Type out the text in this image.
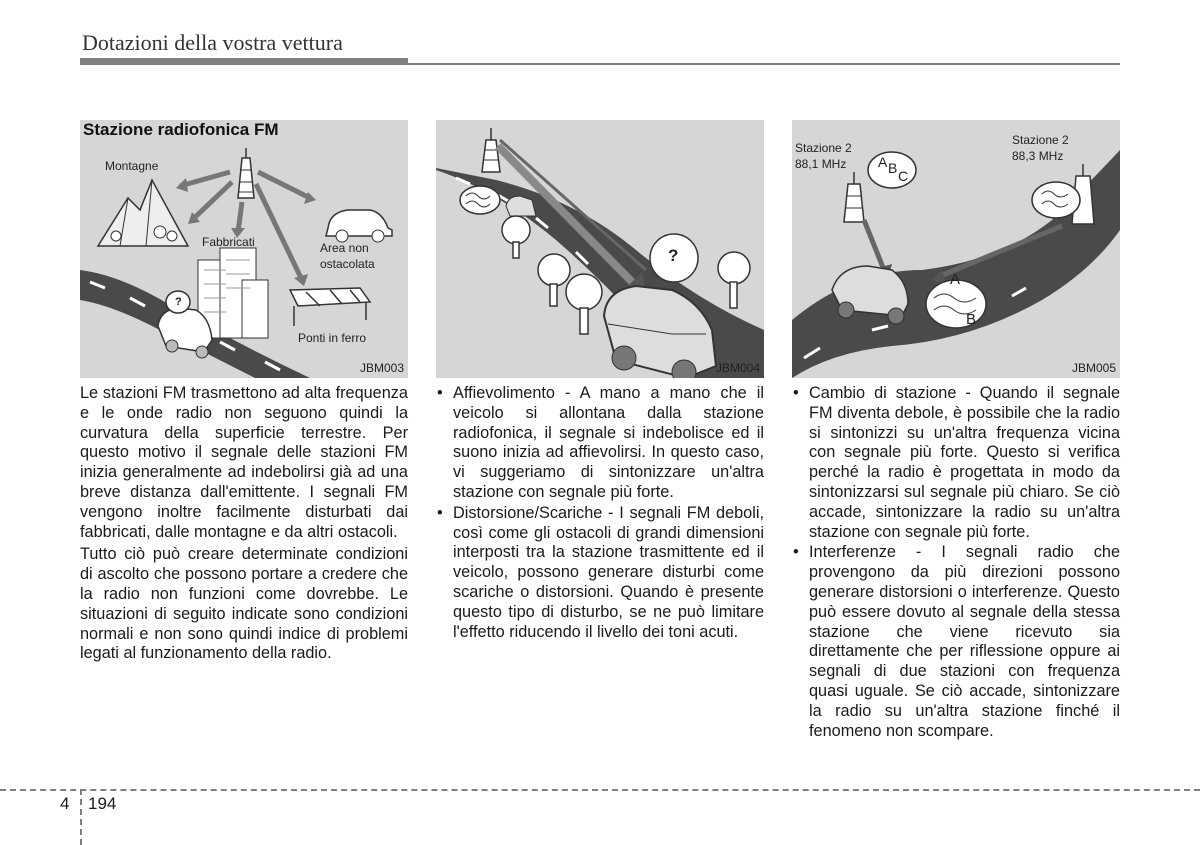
Dotazioni della vostra vettura
Stazione radiofonica FM
Montagne
Fabbricati	Area non ostacolata
Ponti in ferro
?
JBM003
?
JBM004
Stazione 2
88,1 MHz
Stazione 2
88,3 MHz
A B C
A
B
JBM005

Le stazioni FM trasmettono ad alta frequenza e le onde radio non seguono quindi la curvatura della superficie terrestre. Per questo motivo il segnale delle stazioni FM inizia generalmente ad indebolirsi già ad una breve distanza dall'emittente. I segnali FM vengono inoltre facilmente disturbati dai fabbricati, dalle montagne e da altri ostacoli.

Tutto ciò può creare determinate condizioni di ascolto che possono portare a credere che la radio non funzioni come dovrebbe. Le situazioni di seguito indicate sono condizioni normali e non sono quindi indice di problemi legati al funzionamento della radio.

• Affievolimento - A mano a mano che il veicolo si allontana dalla stazione radiofonica, il segnale si indebolisce ed il suono inizia ad affievolirsi. In questo caso, vi suggeriamo di sintonizzare un'altra stazione con segnale più forte.
• Distorsione/Scariche - I segnali FM deboli, così come gli ostacoli di grandi dimensioni interposti tra la stazione trasmittente ed il veicolo, possono generare disturbi come scariche o distorsioni. Quando è presente questo tipo di disturbo, se ne può limitare l'effetto riducendo il livello dei toni acuti.
• Cambio di stazione - Quando il segnale FM diventa debole, è possibile che la radio si sintonizzi su un'altra frequenza vicina con segnale più forte. Questo si verifica perché la radio è progettata in modo da sintonizzarsi sul segnale più chiaro. Se ciò accade, sintonizzare la radio su un'altra stazione con segnale più forte.
• Interferenze - I segnali radio che provengono da più direzioni possono generare distorsioni o interferenze. Questo può essere dovuto al segnale della stessa stazione che viene ricevuto sia direttamente che per riflessione oppure ai segnali di due stazioni con frequenza quasi uguale. Se ciò accade, sintonizzare la radio su un'altra stazione finché il fenomeno non scompare.
4 194
